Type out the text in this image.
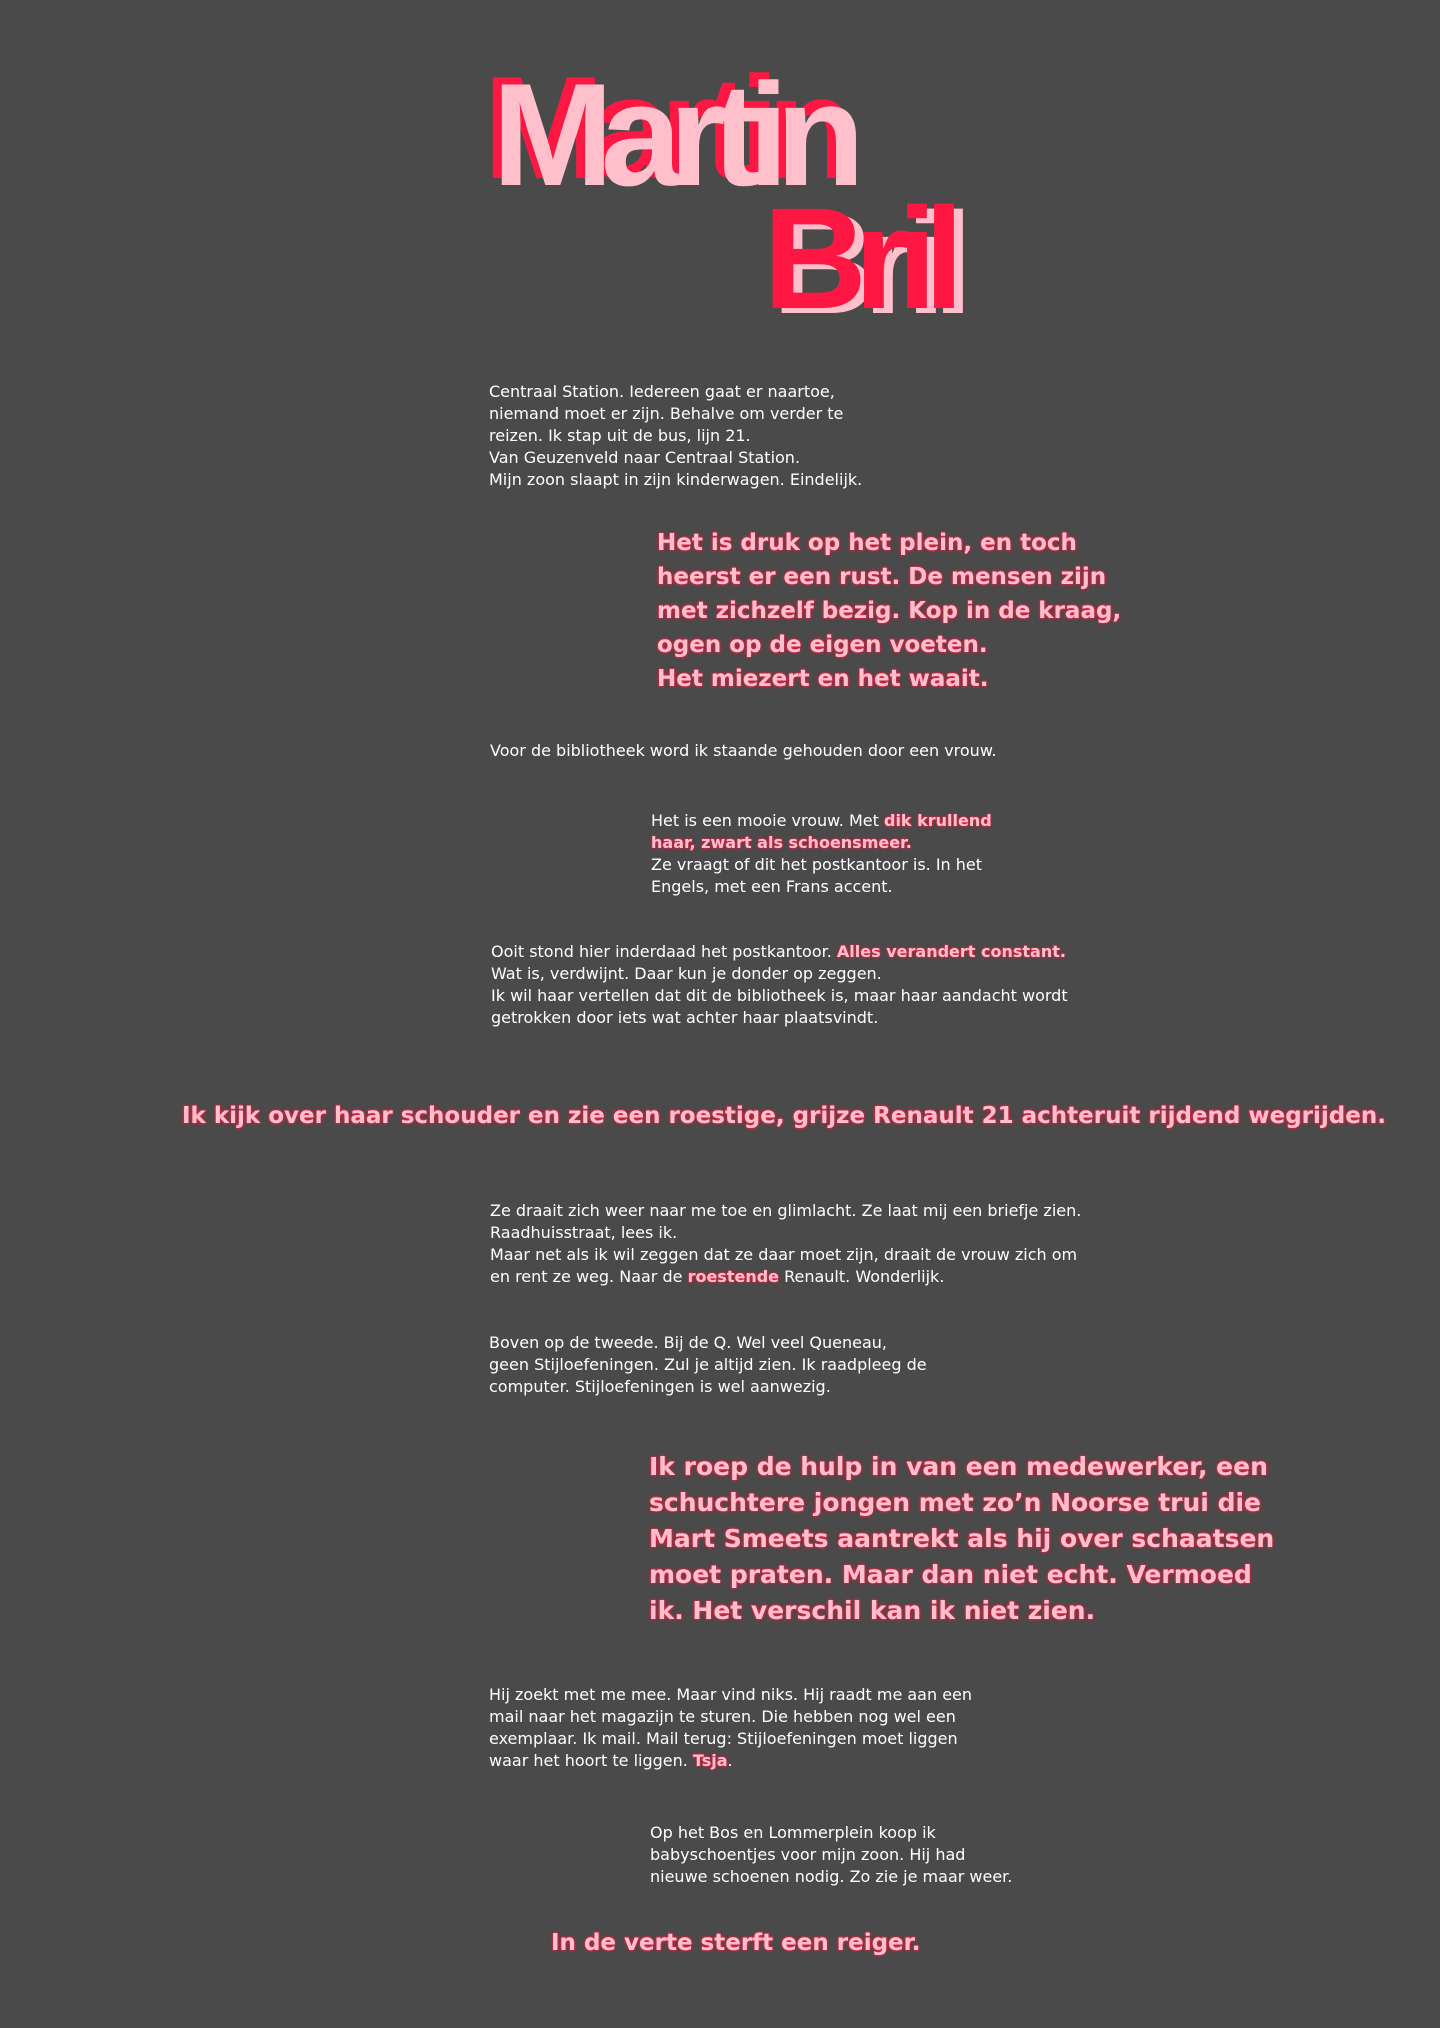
Martin
Bril
Centraal Station. Iedereen gaat er naartoe,
niemand moet er zijn. Behalve om verder te
reizen. Ik stap uit de bus, lijn 21.
Van Geuzenveld naar Centraal Station.
Mijn zoon slaapt in zijn kinderwagen. Eindelijk.
Het is druk op het plein, en toch
heerst er een rust. De mensen zijn
met zichzelf bezig. Kop in de kraag,
ogen op de eigen voeten.
Het miezert en het waait.
Voor de bibliotheek word ik staande gehouden door een vrouw.
Het is een mooie vrouw. Met dik krullend
haar, zwart als schoensmeer.
Ze vraagt of dit het postkantoor is. In het
Engels, met een Frans accent.
Ooit stond hier inderdaad het postkantoor. Alles verandert constant.
Wat is, verdwijnt. Daar kun je donder op zeggen.
Ik wil haar vertellen dat dit de bibliotheek is, maar haar aandacht wordt
getrokken door iets wat achter haar plaatsvindt.
Ik kijk over haar schouder en zie een roestige, grijze Renault 21 achteruit rijdend wegrijden.
Ze draait zich weer naar me toe en glimlacht. Ze laat mij een briefje zien.
Raadhuisstraat, lees ik.
Maar net als ik wil zeggen dat ze daar moet zijn, draait de vrouw zich om
en rent ze weg. Naar de roestende Renault. Wonderlijk.
Boven op de tweede. Bij de Q. Wel veel Queneau,
geen Stijloefeningen. Zul je altijd zien. Ik raadpleeg de
computer. Stijloefeningen is wel aanwezig.
Ik roep de hulp in van een medewerker, een
schuchtere jongen met zo’n Noorse trui die
Mart Smeets aantrekt als hij over schaatsen
moet praten. Maar dan niet echt. Vermoed
ik. Het verschil kan ik niet zien.
Hij zoekt met me mee. Maar vind niks. Hij raadt me aan een
mail naar het magazijn te sturen. Die hebben nog wel een
exemplaar. Ik mail. Mail terug: Stijloefeningen moet liggen
waar het hoort te liggen. Tsja.
Op het Bos en Lommerplein koop ik
babyschoentjes voor mijn zoon. Hij had
nieuwe schoenen nodig. Zo zie je maar weer.
In de verte sterft een reiger.
